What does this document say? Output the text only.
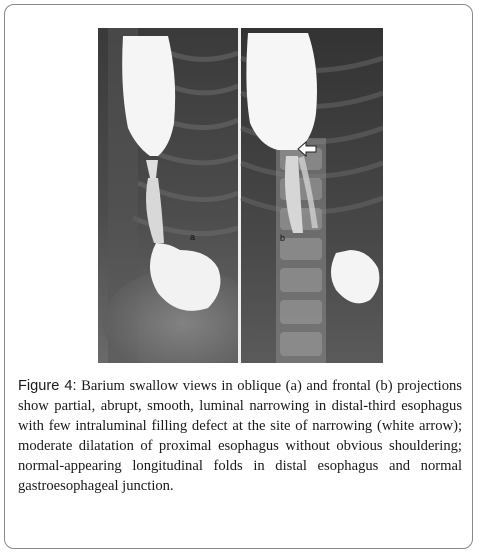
a	b
Figure 4: Barium swallow views in oblique (a) and frontal (b) projections show partial, abrupt, smooth, luminal narrowing in distal-third esophagus with few intraluminal filling defect at the site of narrowing (white arrow); moderate dilatation of proximal esophagus without obvious shouldering; normal-appearing longitudinal folds in distal esophagus and normal gastroesophageal junction.
